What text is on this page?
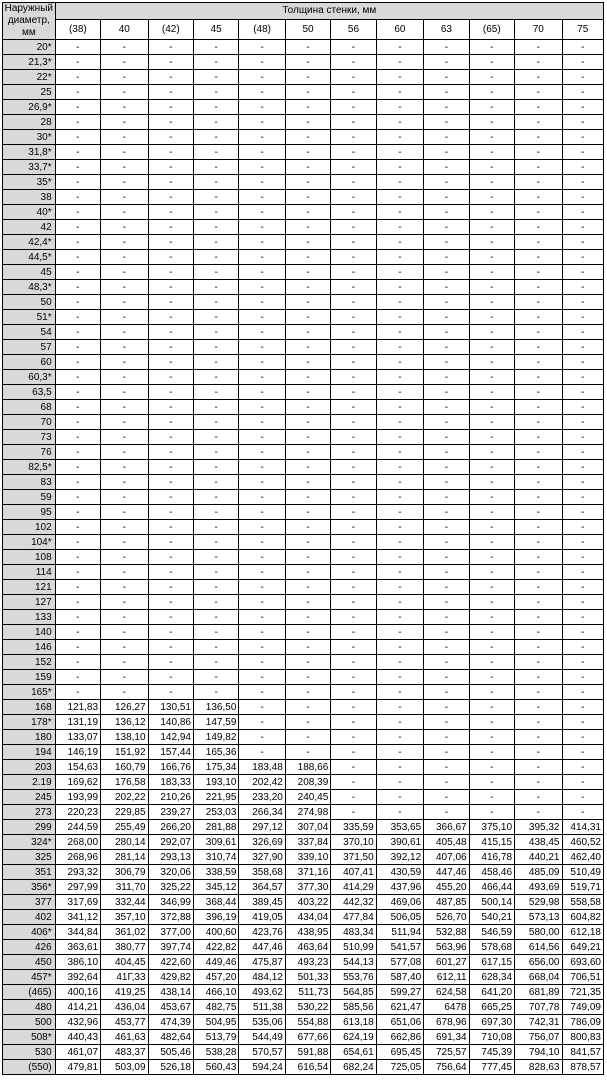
Наружный диаметр, мм	Толщина стенки, мм											
	(38)	40	(42)	45	(48)	50	56	60	63	(65)	70	75
20*	-	-	-	-	-	-	-	-	-	-	-	-
21,3*	-	-	-	-	-	-	-	-	-	-	-	-
22*	-	-	-	-	-	-	-	-	-	-	-	-
25	-	-	-	-	-	-	-	-	-	-	-	-
26,9*	-	-	-	-	-	-	-	-	-	-	-	-
28	-	-	-	-	-	-	-	-	-	-	-	-
30*	-	-	-	-	-	-	-	-	-	-	-	-
31,8*	-	-	-	-	-	-	-	-	-	-	-	-
33,7*	-	-	-	-	-	-	-	-	-	-	-	-
35*	-	-	-	-	-	-	-	-	-	-	-	-
38	-	-	-	-	-	-	-	-	-	-	-	-
40*	-	-	-	-	-	-	-	-	-	-	-	-
42	-	-	-	-	-	-	-	-	-	-	-	-
42,4*	-	-	-	-	-	-	-	-	-	-	-	-
44,5*	-	-	-	-	-	-	-	-	-	-	-	-
45	-	-	-	-	-	-	-	-	-	-	-	-
48,3*	-	-	-	-	-	-	-	-	-	-	-	-
50	-	-	-	-	-	-	-	-	-	-	-	-
51*	-	-	-	-	-	-	-	-	-	-	-	-
54	-	-	-	-	-	-	-	-	-	-	-	-
57	-	-	-	-	-	-	-	-	-	-	-	-
60	-	-	-	-	-	-	-	-	-	-	-	-
60,3*	-	-	-	-	-	-	-	-	-	-	-	-
63,5	-	-	-	-	-	-	-	-	-	-	-	-
68	-	-	-	-	-	-	-	-	-	-	-	-
70	-	-	-	-	-	-	-	-	-	-	-	-
73	-	-	-	-	-	-	-	-	-	-	-	-
76	-	-	-	-	-	-	-	-	-	-	-	-
82,5*	-	-	-	-	-	-	-	-	-	-	-	-
83	-	-	-	-	-	-	-	-	-	-	-	-
59	-	-	-	-	-	-	-	-	-	-	-	-
95	-	-	-	-	-	-	-	-	-	-	-	-
102	-	-	-	-	-	-	-	-	-	-	-	-
104*	-	-	-	-	-	-	-	-	-	-	-	-
108	-	-	-	-	-	-	-	-	-	-	-	-
114	-	-	-	-	-	-	-	-	-	-	-	-
121	-	-	-	-	-	-	-	-	-	-	-	-
127	-	-	-	-	-	-	-	-	-	-	-	-
133	-	-	-	-	-	-	-	-	-	-	-	-
140	-	-	-	-	-	-	-	-	-	-	-	-
146	-	-	-	-	-	-	-	-	-	-	-	-
152	-	-	-	-	-	-	-	-	-	-	-	-
159	-	-	-	-	-	-	-	-	-	-	-	-
165*	-	-	-	-	-	-	-	-	-	-	-	-
168	121,83	126,27	130,51	136,50	-	-	-	-	-	-	-	-
178*	131,19	136,12	140,86	147,59	-	-	-	-	-	-	-	-
180	133,07	138,10	142,94	149,82	-	-	-	-	-	-	-	-
194	146,19	151,92	157,44	165,36	-	-	-	-	-	-	-	-
203	154,63	160,79	166,76	175,34	183,48	188,66	-	-	-	-	-	-
2.19	169,62	176,58	183,33	193,10	202,42	208,39	-	-	-	-	-	-
245	193,99	202,22	210,26	221,95	233,20	240,45	-	-	-	-	-	-
273	220,23	229,85	239,27	253,03	266,34	274,98	-	-	-	-	-	-
299	244,59	255,49	266,20	281,88	297,12	307,04	335,59	353,65	366,67	375,10	395,32	414,31
324*	268,00	280,14	292,07	309,61	326,69	337,84	370,10	390,61	405,48	415,15	438,45	460,52
325	268,96	281,14	293,13	310,74	327,90	339,10	371,50	392,12	407,06	416,78	440,21	462,40
351	293,32	306,79	320,06	338,59	358,68	371,16	407,41	430,59	447,46	458,46	485,09	510,49
356*	297,99	311,70	325,22	345,12	364,57	377,30	414,29	437,96	455,20	466,44	493,69	519,71
377	317,69	332,44	346,99	368,44	389,45	403,22	442,32	469,06	487,85	500,14	529,98	558,58
402	341,12	357,10	372,88	396,19	419,05	434,04	477,84	506,05	526,70	540,21	573,13	604,82
406*	344,84	361,02	377,00	400,60	423,76	438,95	483,34	511,94	532,88	546,59	580,00	612,18
426	363,61	380,77	397,74	422,82	447,46	463,64	510,99	541,57	563,96	578,68	614,56	649,21
450	386,10	404,45	422,60	449,46	475,87	493,23	544,13	577,08	601,27	617,15	656,00	693,60
457*	392,64	41Г,33	429,82	457,20	484,12	501,33	553,76	587,40	612,11	628,34	668,04	706,51
(465)	400,16	419,25	438,14	466,10	493,62	511,73	564,85	599,27	624,58	641,20	681,89	721,35
480	414,21	436,04	453,67	482,75	511,38	530,22	585,56	621,47	6478	665,25	707,78	749,09
500	432,96	453,77	474,39	504,95	535,06	554,88	613,18	651,06	678,96	697,30	742,31	786,09
508*	440,43	461,63	482,64	513,79	544,49	677,66	624,19	662,86	691,34	710,08	756,07	800,83
530	461,07	483,37	505,46	538,28	570,57	591,88	654,61	695,45	725,57	745,39	794,10	841,57
(550)	479,81	503,09	526,18	560,43	594,24	616,54	682,24	725,05	756,64	777,45	828,63	878,57
